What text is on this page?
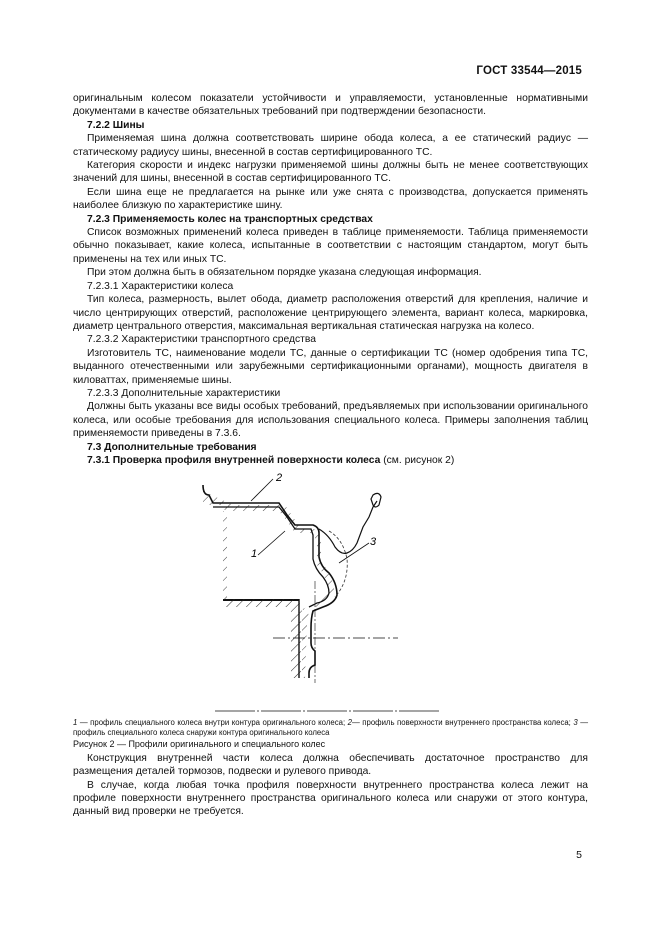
ГОСТ 33544—2015

оригинальным колесом показатели устойчивости и управляемости, установленные нормативными документами в качестве обязательных требований при подтверждении безопасности.

7.2.2 Шины

Применяемая шина должна соответствовать ширине обода колеса, а ее статический радиус — статическому радиусу шины, внесенной в состав сертифицированного ТС.

Категория скорости и индекс нагрузки применяемой шины должны быть не менее соответствующих значений для шины, внесенной в состав сертифицированного ТС.

Если шина еще не предлагается на рынке или уже снята с производства, допускается применять наиболее близкую по характеристике шину.

7.2.3 Применяемость колес на транспортных средствах

Список возможных применений колеса приведен в таблице применяемости. Таблица применяемости обычно показывает, какие колеса, испытанные в соответствии с настоящим стандартом, могут быть применены на тех или иных ТС.

При этом должна быть в обязательном порядке указана следующая информация.

7.2.3.1 Характеристики колеса

Тип колеса, размерность, вылет обода, диаметр расположения отверстий для крепления, наличие и число центрирующих отверстий, расположение центрирующего элемента, вариант колеса, маркировка, диаметр центрального отверстия, максимальная вертикальная статическая нагрузка на колесо.

7.2.3.2 Характеристики транспортного средства

Изготовитель ТС, наименование модели ТС, данные о сертификации ТС (номер одобрения типа ТС, выданного отечественными или зарубежными сертификационными органами), мощность двигателя в киловаттах, применяемые шины.

7.2.3.3 Дополнительные характеристики

Должны быть указаны все виды особых требований, предъявляемых при использовании оригинального колеса, или особые требования для использования специального колеса. Примеры заполнения таблиц применяемости приведены в 7.3.6.

7.3 Дополнительные требования

7.3.1 Проверка профиля внутренней поверхности колеса (см. рисунок 2)

2
1
3

1 — профиль специального колеса внутри контура оригинального колеса; 2— профиль поверхности внутреннего пространства колеса; 3 — профиль специального колеса снаружи контура оригинального колеса

Рисунок 2 — Профили оригинального и специального колес

Конструкция внутренней части колеса должна обеспечивать достаточное пространство для размещения деталей тормозов, подвески и рулевого привода.

В случае, когда любая точка профиля поверхности внутреннего пространства колеса лежит на профиле поверхности внутреннего пространства оригинального колеса или снаружи от этого контура, данный вид проверки не требуется.

5
